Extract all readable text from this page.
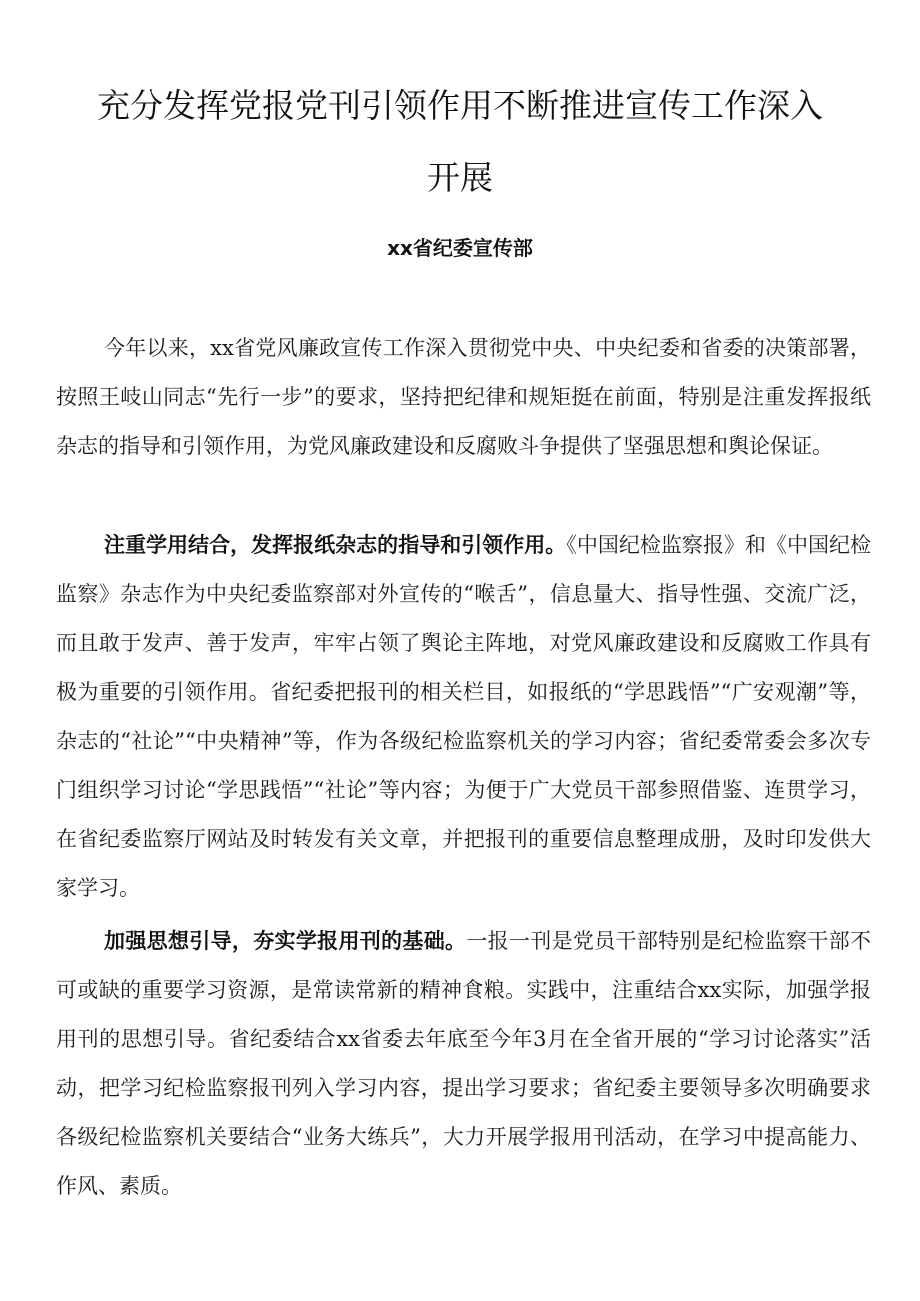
充分发挥党报党刊引领作用不断推进宣传工作深入
开展
xx省纪委宣传部

今年以来，xx省党风廉政宣传工作深入贯彻党中央、中央纪委和省委的决策部署，按照王岐山同志“先行一步”的要求，坚持把纪律和规矩挺在前面，特别是注重发挥报纸杂志的指导和引领作用，为党风廉政建设和反腐败斗争提供了坚强思想和舆论保证。

注重学用结合，发挥报纸杂志的指导和引领作用。《中国纪检监察报》和《中国纪检监察》杂志作为中央纪委监察部对外宣传的“喉舌”，信息量大、指导性强、交流广泛，而且敢于发声、善于发声，牢牢占领了舆论主阵地，对党风廉政建设和反腐败工作具有极为重要的引领作用。省纪委把报刊的相关栏目，如报纸的“学思践悟”“广安观潮”等，杂志的“社论”“中央精神”等，作为各级纪检监察机关的学习内容；省纪委常委会多次专门组织学习讨论“学思践悟”“社论”等内容；为便于广大党员干部参照借鉴、连贯学习，在省纪委监察厅网站及时转发有关文章，并把报刊的重要信息整理成册，及时印发供大家学习。

加强思想引导，夯实学报用刊的基础。一报一刊是党员干部特别是纪检监察干部不可或缺的重要学习资源，是常读常新的精神食粮。实践中，注重结合xx实际，加强学报用刊的思想引导。省纪委结合xx省委去年底至今年3月在全省开展的“学习讨论落实”活动，把学习纪检监察报刊列入学习内容，提出学习要求；省纪委主要领导多次明确要求各级纪检监察机关要结合“业务大练兵”，大力开展学报用刊活动，在学习中提高能力、作风、素质。
